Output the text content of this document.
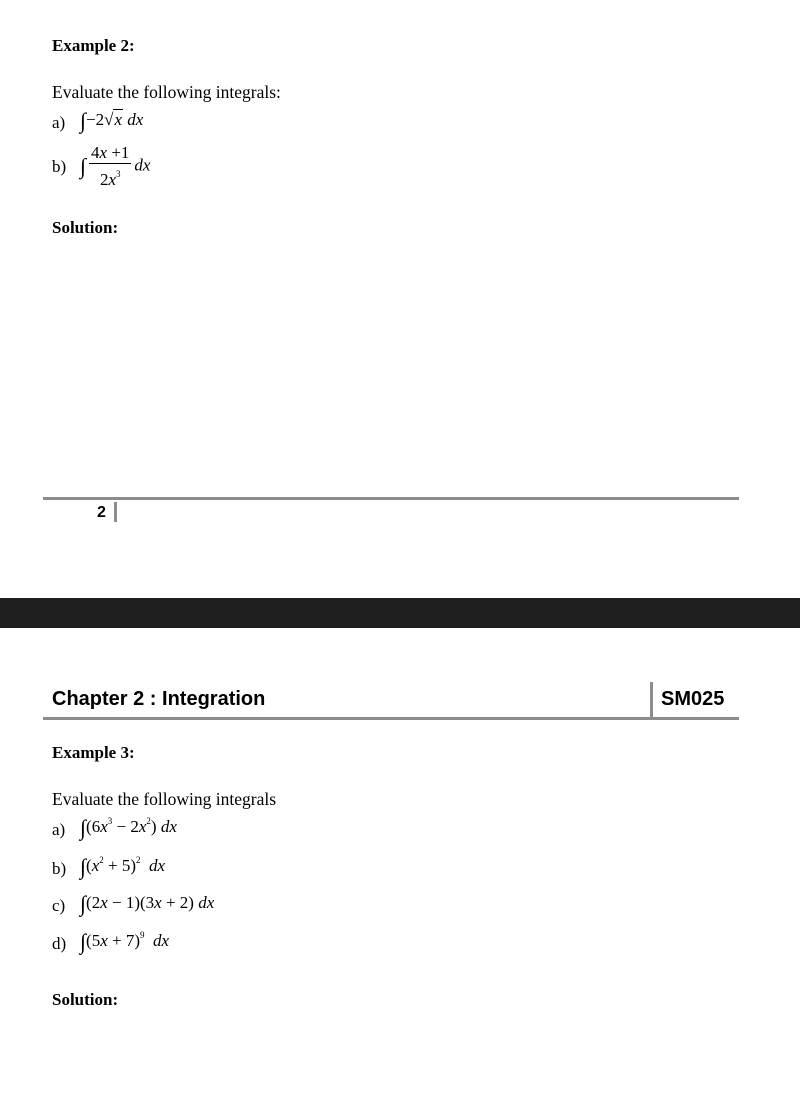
Example 2:
Evaluate the following integrals:
a) ∫−2√x dx
b) ∫ $\frac{4x +1}{2x^3}$ dx
Solution:
2
Chapter 2 : Integration	SM025
Example 3:
Evaluate the following integrals
a) $\int(6x^3 - 2x^2)$ dx
b) $\int(x^2 + 5)^2$ dx
c) ∫(2x − 1)(3x + 2) dx
d) $\int(5x + 7)^9$ dx
Solution:
